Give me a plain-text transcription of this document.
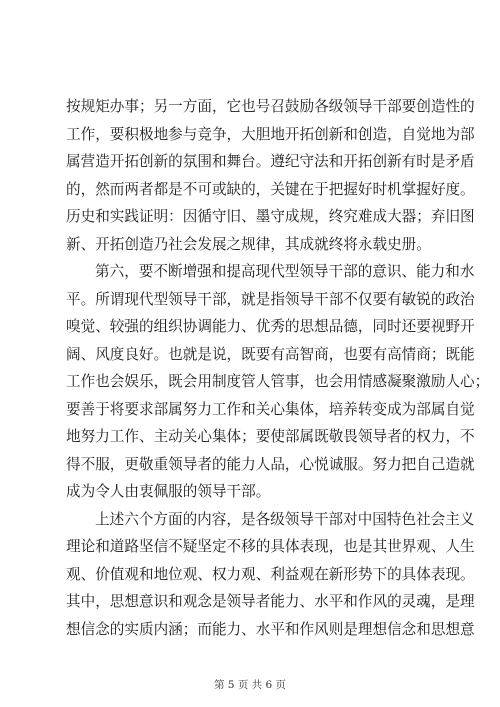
按规矩办事；另一方面，它也号召鼓励各级领导干部要创造性的
工作，要积极地参与竞争，大胆地开拓创新和创造，自觉地为部
属营造开拓创新的氛围和舞台。遵纪守法和开拓创新有时是矛盾
的，然而两者都是不可或缺的，关键在于把握好时机掌握好度。
历史和实践证明：因循守旧、墨守成规，终究难成大器；弃旧图
新、开拓创造乃社会发展之规律，其成就终将永载史册。
第六，要不断增强和提高现代型领导干部的意识、能力和水
平。所谓现代型领导干部，就是指领导干部不仅要有敏锐的政治
嗅觉、较强的组织协调能力、优秀的思想品德，同时还要视野开
阔、风度良好。也就是说，既要有高智商，也要有高情商；既能
工作也会娱乐，既会用制度管人管事，也会用情感凝聚激励人心；
要善于将要求部属努力工作和关心集体，培养转变成为部属自觉
地努力工作、主动关心集体；要使部属既敬畏领导者的权力，不
得不服，更敬重领导者的能力人品，心悦诚服。努力把自己造就
成为令人由衷佩服的领导干部。
上述六个方面的内容，是各级领导干部对中国特色社会主义
理论和道路坚信不疑坚定不移的具体表现，也是其世界观、人生
观、价值观和地位观、权力观、利益观在新形势下的具体表现。
其中，思想意识和观念是领导者能力、水平和作风的灵魂，是理
想信念的实质内涵；而能力、水平和作风则是理想信念和思想意
第 5 页 共 6 页
